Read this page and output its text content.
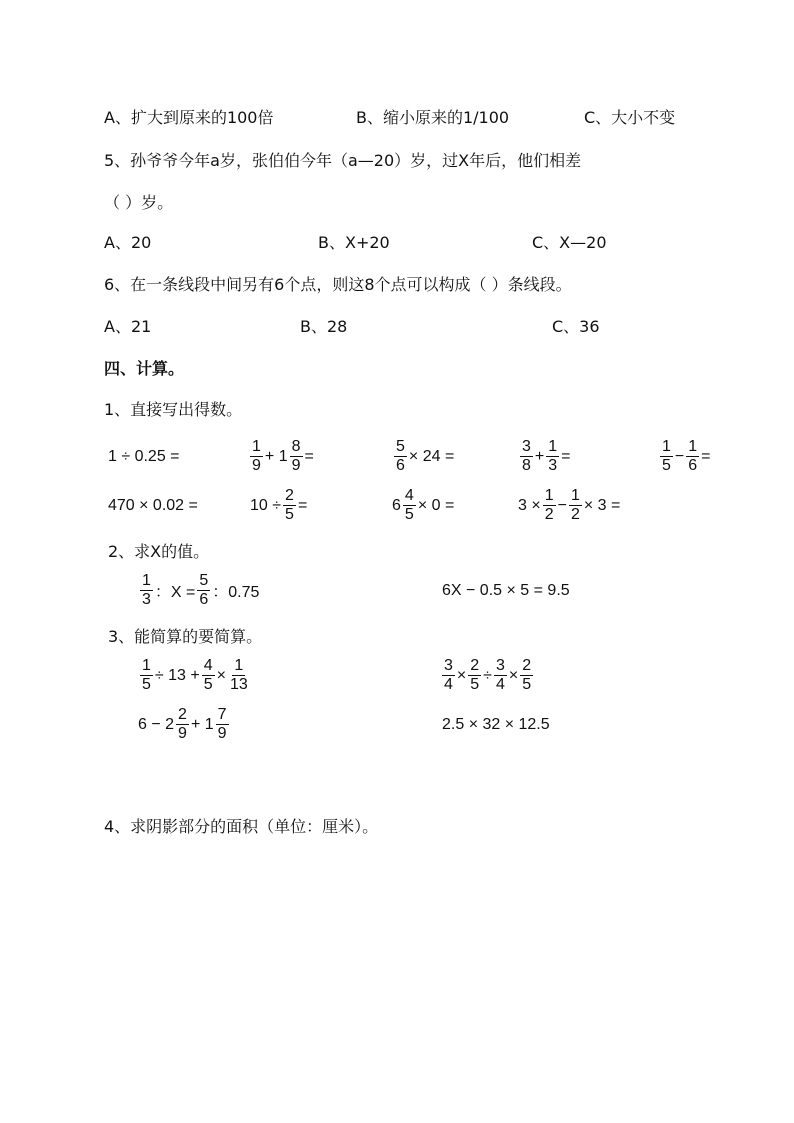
A、扩大到原来的100倍	B、缩小原来的1/100	C、大小不变
5、孙爷爷今年a岁，张伯伯今年（a—20）岁，过X年后，他们相差
（ ）岁。
A、20	B、X+20	C、X—20
6、在一条线段中间另有6个点，则这8个点可以构成（ ）条线段。
A、21	B、28	C、36
四、计算。
1、直接写出得数。
1 ÷ 0.25 =	$\frac{1}{9} + 1 \frac{8}{9}$ =	$\frac{5}{6} \times 24$ =	$\frac{3}{8} + \frac{1}{3}$ =	$\frac{1}{5} - \frac{1}{6}$ =
470 × 0.02 =	$10 \div \frac{2}{5}$ =	$6 \frac{4}{5} \times 0$ =	$3 \times \frac{1}{2} - \frac{1}{2} \times 3$ =
2、求X的值。
$\frac{1}{3}$ ：$X = \frac{5}{6}$ ：0.75	6X − 0.5 × 5 = 9.5
3、能简算的要简算。
$\frac{1}{5} \div 13 + \frac{4}{5} \times \frac{1}{13}$	$\frac{3}{4} \times \frac{2}{5} \div \frac{3}{4} \times \frac{2}{5}$
$6 - 2 \frac{2}{9} + 1 \frac{7}{9}$	2.5 × 32 × 12.5
4、求阴影部分的面积（单位：厘米）。
